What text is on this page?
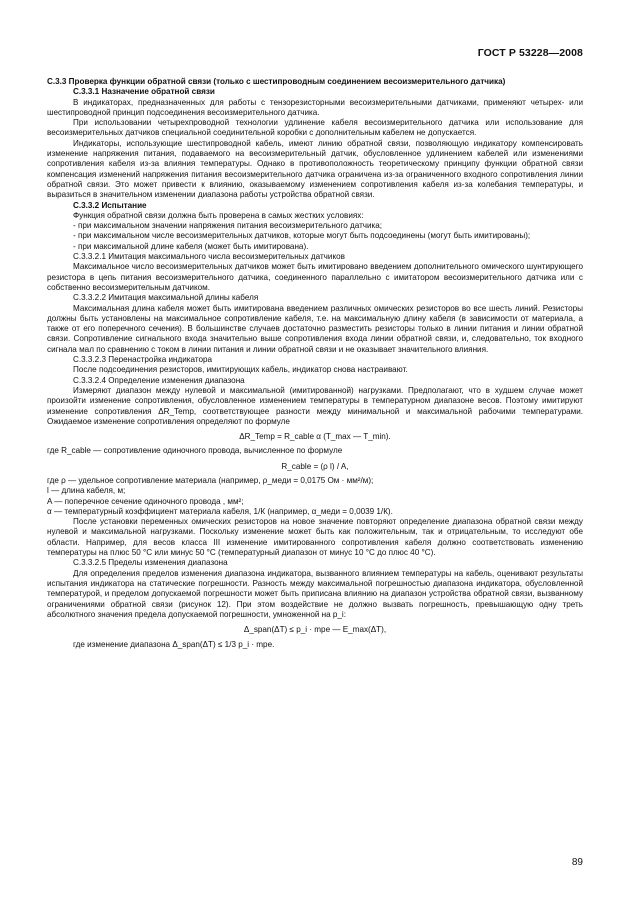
ГОСТ Р 53228—2008

С.3.3 Проверка функции обратной связи (только с шестипроводным соединением весоизмерительного датчика)

С.3.3.1 Назначение обратной связи

В индикаторах, предназначенных для работы с тензорезисторными весоизмерительными датчиками, применяют четырех- или шестипроводной принцип подсоединения весоизмерительного датчика.

При использовании четырехпроводной технологии удлинение кабеля весоизмерительного датчика или использование для весоизмерительных датчиков специальной соединительной коробки с дополнительным кабелем не допускается.

Индикаторы, использующие шестипроводной кабель, имеют линию обратной связи, позволяющую индикатору компенсировать изменение напряжения питания, подаваемого на весоизмерительный датчик, обусловленное удлинением кабелей или изменениями сопротивления кабеля из-за влияния температуры. Однако в противоположность теоретическому принципу функции обратной связи компенсация изменений напряжения питания весоизмерительного датчика ограничена из-за ограниченного входного сопротивления линии обратной связи. Это может привести к влиянию, оказываемому изменением сопротивления кабеля из-за колебания температуры, и выразиться в значительном изменении диапазона работы устройства обратной связи.

С.3.3.2 Испытание

Функция обратной связи должна быть проверена в самых жестких условиях:

- при максимальном значении напряжения питания весоизмерительного датчика;

- при максимальном числе весоизмерительных датчиков, которые могут быть подсоединены (могут быть имитированы);

- при максимальной длине кабеля (может быть имитирована).

С.3.3.2.1 Имитация максимального числа весоизмерительных датчиков

Максимальное число весоизмерительных датчиков может быть имитировано введением дополнительного омического шунтирующего резистора в цепь питания весоизмерительного датчика, соединенного параллельно с имитатором весоизмерительного датчика или с собственно весоизмерительным датчиком.

С.3.3.2.2 Имитация максимальной длины кабеля

Максимальная длина кабеля может быть имитирована введением различных омических резисторов во все шесть линий. Резисторы должны быть установлены на максимальное сопротивление кабеля, т.е. на максимальную длину кабеля (в зависимости от материала, а также от его поперечного сечения). В большинстве случаев достаточно разместить резисторы только в линии питания и линии обратной связи. Сопротивление сигнального входа значительно выше сопротивления входа линии обратной связи, и, следовательно, ток входного сигнала мал по сравнению с током в линии питания и линии обратной связи и не оказывает значительного влияния.

С.3.3.2.3 Перенастройка индикатора

После подсоединения резисторов, имитирующих кабель, индикатор снова настраивают.

С.3.3.2.4 Определение изменения диапазона

Измеряют диапазон между нулевой и максимальной (имитированной) нагрузками. Предполагают, что в худшем случае может произойти изменение сопротивления, обусловленное изменением температуры в температурном диапазоне весов. Поэтому имитируют изменение сопротивления ΔR_Temp, соответствующее разности между минимальной и максимальной рабочими температурами. Ожидаемое изменение сопротивления определяют по формуле

ΔR_Temp = R_cable α (T_max — T_min).

где R_cable — сопротивление одиночного провода, вычисленное по формуле

R_cable = (ρ l) / A,

где ρ — удельное сопротивление материала (например, ρ_меди = 0,0175 Ом · мм²/м);

l — длина кабеля, м;

A — поперечное сечение одиночного провода , мм²;

α — температурный коэффициент материала кабеля, 1/К (например, α_меди = 0,0039 1/К).

После установки переменных омических резисторов на новое значение повторяют определение диапазона обратной связи между нулевой и максимальной нагрузками. Поскольку изменение может быть как положительным, так и отрицательным, то исследуют обе области. Например, для весов класса III изменение имитированного сопротивления кабеля должно соответствовать изменению температуры на плюс 50 °С или минус 50 °С (температурный диапазон от минус 10 °С до плюс 40 °С).

С.3.3.2.5 Пределы изменения диапазона

Для определения пределов изменения диапазона индикатора, вызванного влиянием температуры на кабель, оценивают результаты испытания индикатора на статические погрешности. Разность между максимальной погрешностью диапазона индикатора, обусловленной температурой, и пределом допускаемой погрешности может быть приписана влиянию на диапазон устройства обратной связи, вызванному ограничениями обратной связи (рисунок 12). При этом воздействие не должно вызвать погрешность, превышающую одну треть абсолютного значения предела допускаемой погрешности, умноженной на p_i:

Δ_span(ΔT) ≤ p_i · mpe — E_max(ΔT),

где изменение диапазона Δ_span(ΔT) ≤ 1/3 p_i · mpe.

89
